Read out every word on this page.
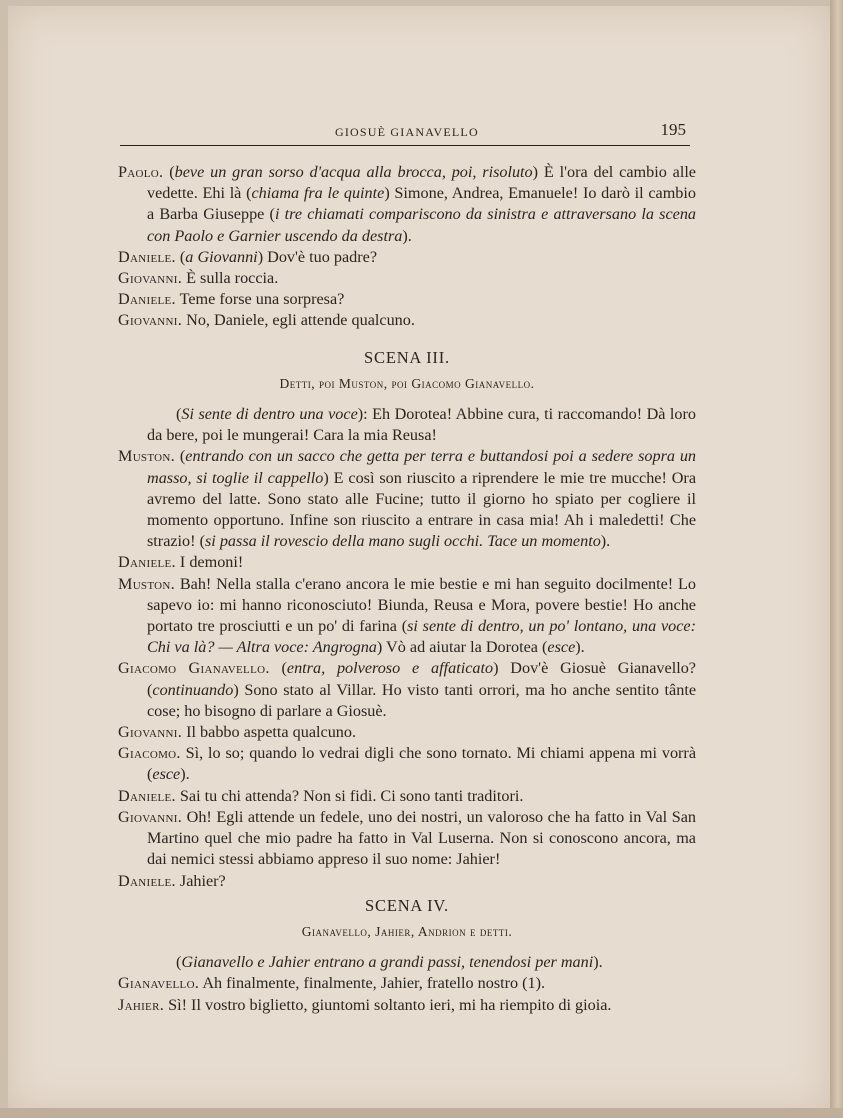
GIOSUÈ GIANAVELLO	195

Paolo. (beve un gran sorso d'acqua alla brocca, poi, risoluto) È l'ora del cambio alle vedette. Ehi là (chiama fra le quinte) Simone, Andrea, Emanuele! Io darò il cambio a Barba Giuseppe (i tre chiamati compariscono da sinistra e attraversano la scena con Paolo e Garnier uscendo da destra).

Daniele. (a Giovanni) Dov'è tuo padre?

Giovanni. È sulla roccia.

Daniele. Teme forse una sorpresa?

Giovanni. No, Daniele, egli attende qualcuno.

SCENA III.

Detti, poi Muston, poi Giacomo Gianavello.

(Si sente di dentro una voce): Eh Dorotea! Abbine cura, ti raccomando! Dà loro da bere, poi le mungerai! Cara la mia Reusa!

Muston. (entrando con un sacco che getta per terra e buttandosi poi a sedere sopra un masso, si toglie il cappello) E così son riuscito a riprendere le mie tre mucche! Ora avremo del latte. Sono stato alle Fucine; tutto il giorno ho spiato per cogliere il momento opportuno. Infine son riuscito a entrare in casa mia! Ah i maledetti! Che strazio! (si passa il rovescio della mano sugli occhi. Tace un momento).

Daniele. I demoni!

Muston. Bah! Nella stalla c'erano ancora le mie bestie e mi han seguito docilmente! Lo sapevo io: mi hanno riconosciuto! Biunda, Reusa e Mora, povere bestie! Ho anche portato tre prosciutti e un po' di farina (si sente di dentro, un po' lontano, una voce: Chi va là? — Altra voce: Angrogna) Vò ad aiutar la Dorotea (esce).

Giacomo Gianavello. (entra, polveroso e affaticato) Dov'è Giosuè Gianavello? (continuando) Sono stato al Villar. Ho visto tanti orrori, ma ho anche sentito tânte cose; ho bisogno di parlare a Giosuè.

Giovanni. Il babbo aspetta qualcuno.

Giacomo. Sì, lo so; quando lo vedrai digli che sono tornato. Mi chiami appena mi vorrà (esce).

Daniele. Sai tu chi attenda? Non si fidi. Ci sono tanti traditori.

Giovanni. Oh! Egli attende un fedele, uno dei nostri, un valoroso che ha fatto in Val San Martino quel che mio padre ha fatto in Val Luserna. Non si conoscono ancora, ma dai nemici stessi abbiamo appreso il suo nome: Jahier!

Daniele. Jahier?

SCENA IV.

Gianavello, Jahier, Andrion e detti.

(Gianavello e Jahier entrano a grandi passi, tenendosi per mani).

Gianavello. Ah finalmente, finalmente, Jahier, fratello nostro (1).

Jahier. Sì! Il vostro biglietto, giuntomi soltanto ieri, mi ha riempito di gioia.
